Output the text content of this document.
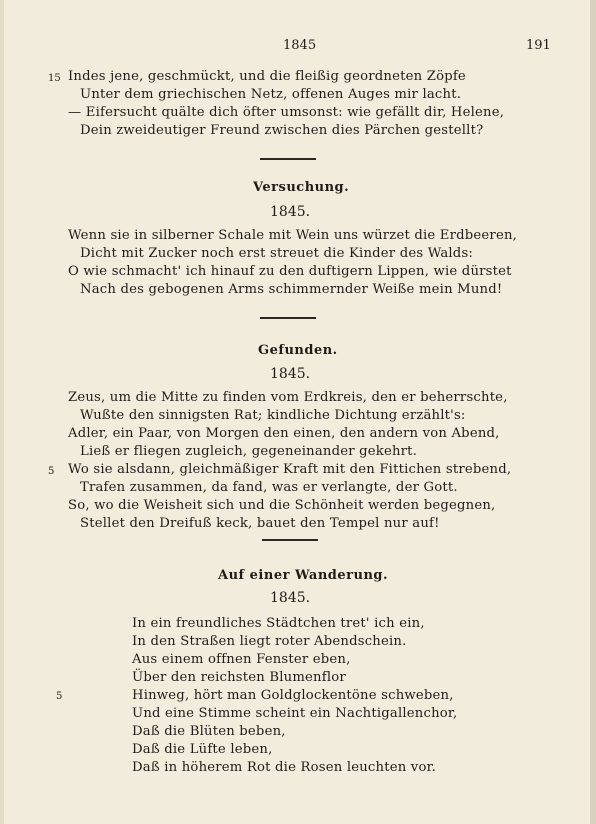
1845	191
15 Indes jene, geschmückt, und die fleißig geordneten Zöpfe
Unter dem griechischen Netz, offenen Auges mir lacht.
— Eifersucht quälte dich öfter umsonst: wie gefällt dir, Helene,
Dein zweideutiger Freund zwischen dies Pärchen gestellt?
Versuchung.
1845.
Wenn sie in silberner Schale mit Wein uns würzet die Erdbeeren,
Dicht mit Zucker noch erst streuet die Kinder des Walds:
O wie schmacht' ich hinauf zu den duftigern Lippen, wie dürstet
Nach des gebogenen Arms schimmernder Weiße mein Mund!
Gefunden.
1845.
Zeus, um die Mitte zu finden vom Erdkreis, den er beherrschte,
Wußte den sinnigsten Rat; kindliche Dichtung erzählt's:
Adler, ein Paar, von Morgen den einen, den andern von Abend,
Ließ er fliegen zugleich, gegeneinander gekehrt.
5 Wo sie alsdann, gleichmäßiger Kraft mit den Fittichen strebend,
Trafen zusammen, da fand, was er verlangte, der Gott.
So, wo die Weisheit sich und die Schönheit werden begegnen,
Stellet den Dreifuß keck, bauet den Tempel nur auf!
Auf einer Wanderung.
1845.
In ein freundliches Städtchen tret' ich ein,
In den Straßen liegt roter Abendschein.
Aus einem offnen Fenster eben,
Über den reichsten Blumenflor
5	Hinweg, hört man Goldglockentöne schweben,
Und eine Stimme scheint ein Nachtigallenchor,
Daß die Blüten beben,
Daß die Lüfte leben,
Daß in höherem Rot die Rosen leuchten vor.
